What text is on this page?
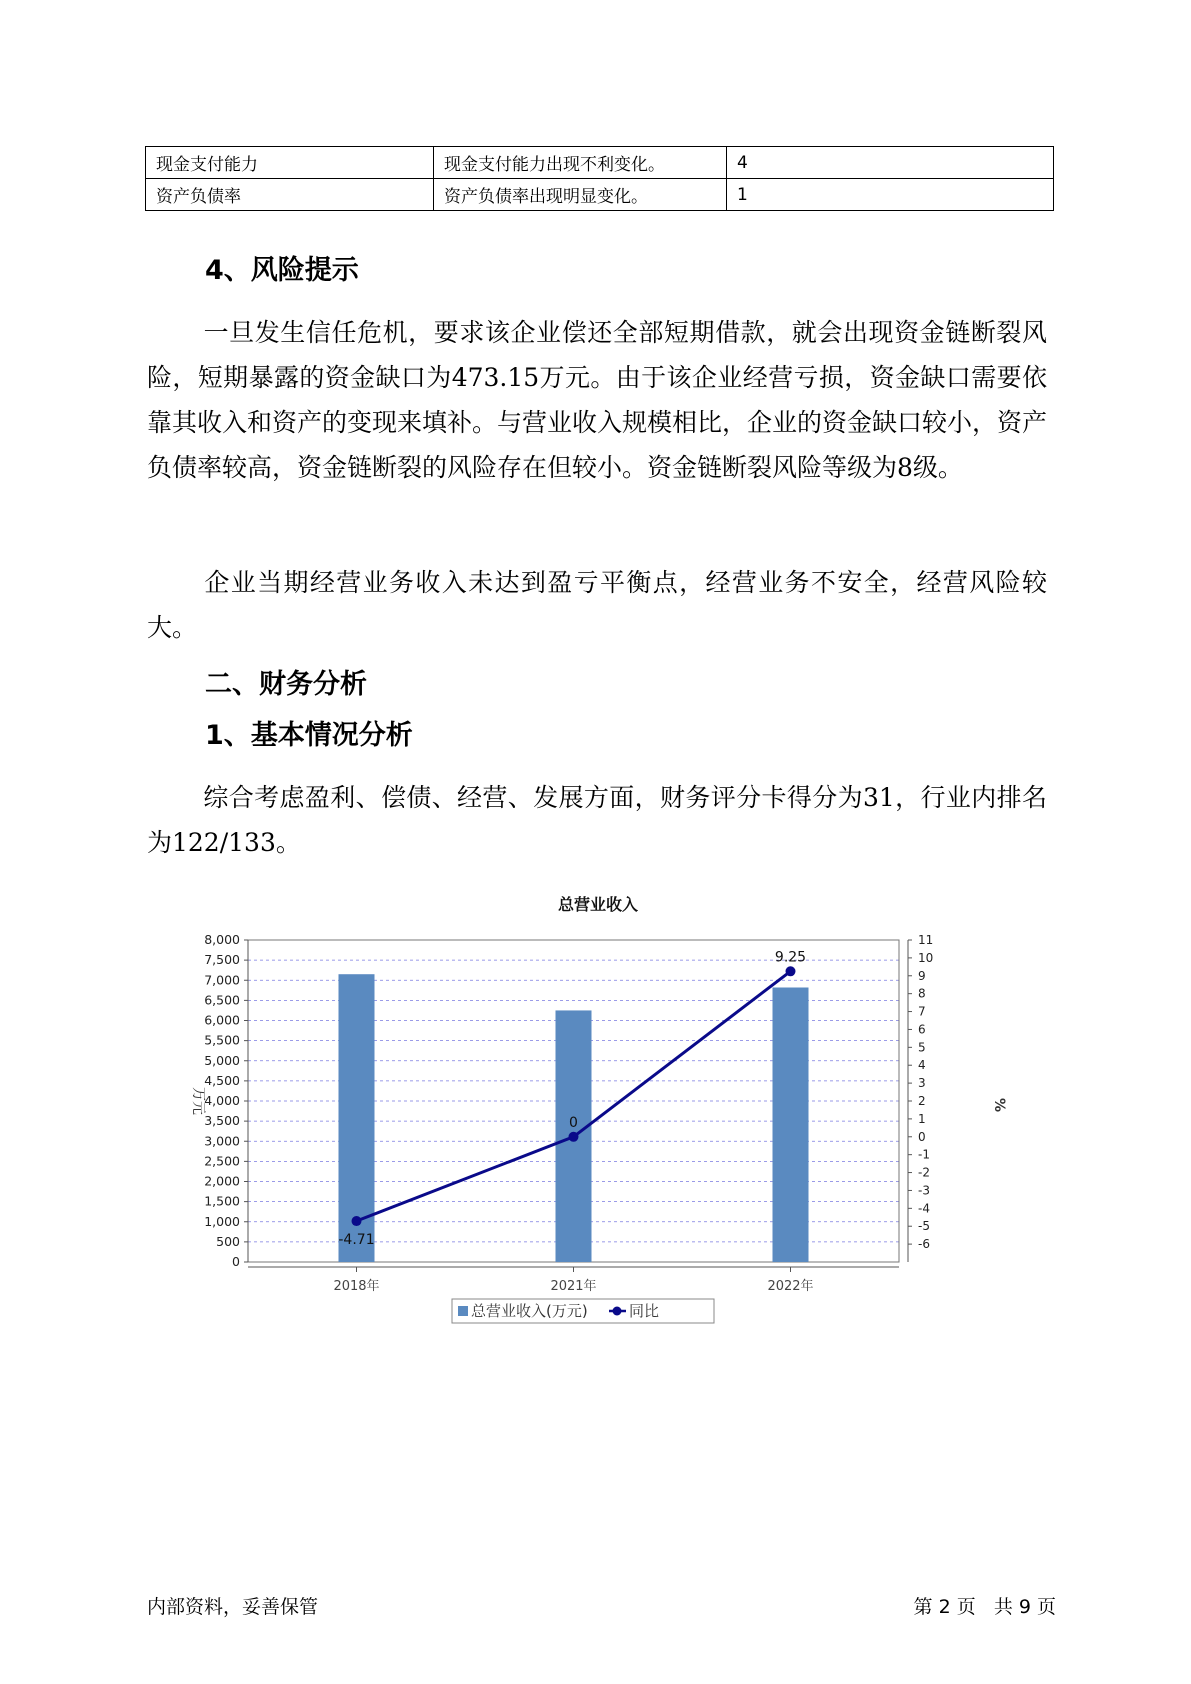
现金支付能力	现金支付能力出现不利变化。	4
资产负债率	资产负债率出现明显变化。	1
4、风险提示
一旦发生信任危机，要求该企业偿还全部短期借款，就会出现资金链断裂风险，短期暴露的资金缺口为473.15万元。由于该企业经营亏损，资金缺口需要依靠其收入和资产的变现来填补。与营业收入规模相比，企业的资金缺口较小，资产负债率较高，资金链断裂的风险存在但较小。资金链断裂风险等级为8级。
企业当期经营业务收入未达到盈亏平衡点，经营业务不安全，经营风险较大。
二、财务分析
1、基本情况分析
综合考虑盈利、偿债、经营、发展方面，财务评分卡得分为31，行业内排名为122/133。
总营业收入
0
500
1,000
1,500
2,000
2,500
3,000
3,500
4,000
4,500
5,000
5,500
6,000
6,500
7,000
7,500
8,000
-6
-5
-4
-3
-2
-1
0
1
2
3
4
5
6
7
8
9
10
11
2018年	2021年	2022年
-4.71
0
9.25
万元	%
总营业收入(万元)	同比
内部资料，妥善保管	第 2 页   共 9 页
